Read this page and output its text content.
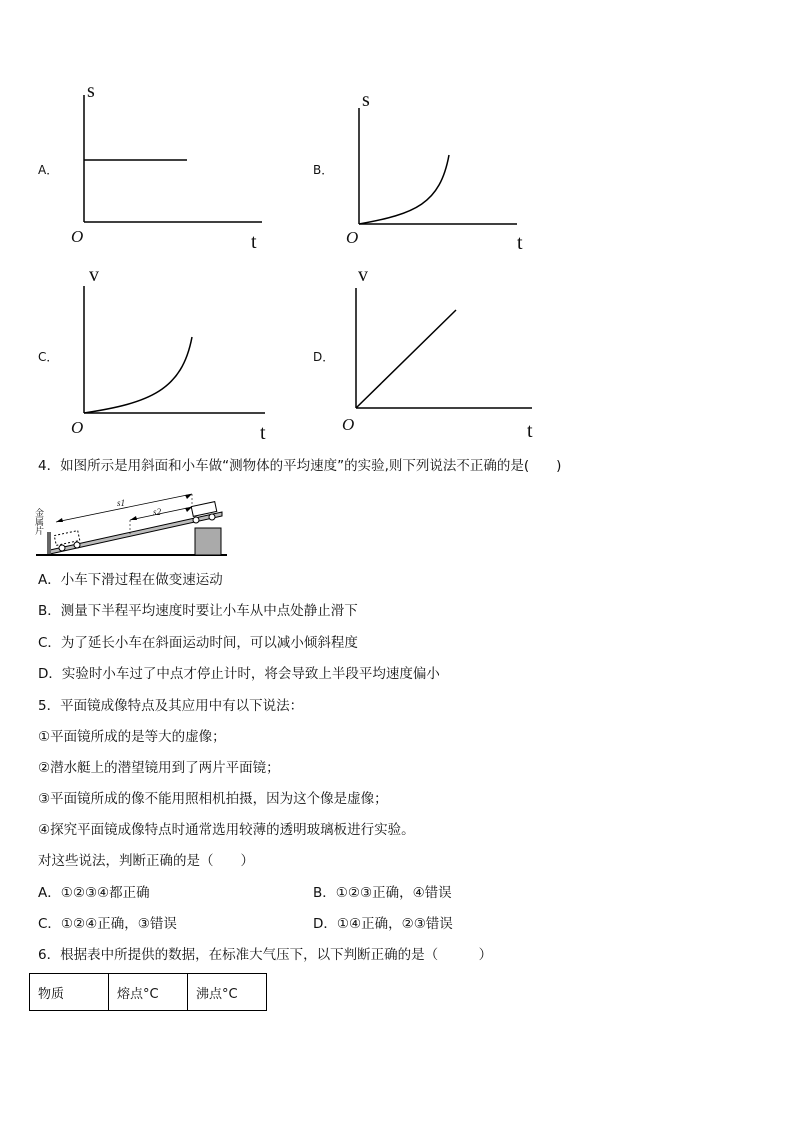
A．
s
t
O
B．
s
t
O
C．
v
t
O
D．
v
t
O
4．如图所示是用斜面和小车做“测物体的平均速度”的实验,则下列说法不正确的是(　　)
金属片
s1
s2
A．小车下滑过程在做变速运动
B．测量下半程平均速度时要让小车从中点处静止滑下
C．为了延长小车在斜面运动时间，可以减小倾斜程度
D．实验时小车过了中点才停止计时，将会导致上半段平均速度偏小
5．平面镜成像特点及其应用中有以下说法：
①平面镜所成的是等大的虚像；
②潜水艇上的潜望镜用到了两片平面镜；
③平面镜所成的像不能用照相机拍摄，因为这个像是虚像；
④探究平面镜成像特点时通常选用较薄的透明玻璃板进行实验。
对这些说法，判断正确的是（　　）
A．①②③④都正确	B．①②③正确，④错误
C．①②④正确，③错误	D．①④正确，②③错误
6．根据表中所提供的数据，在标准大气压下，以下判断正确的是（　　　）
物质	熔点°C	沸点°C
